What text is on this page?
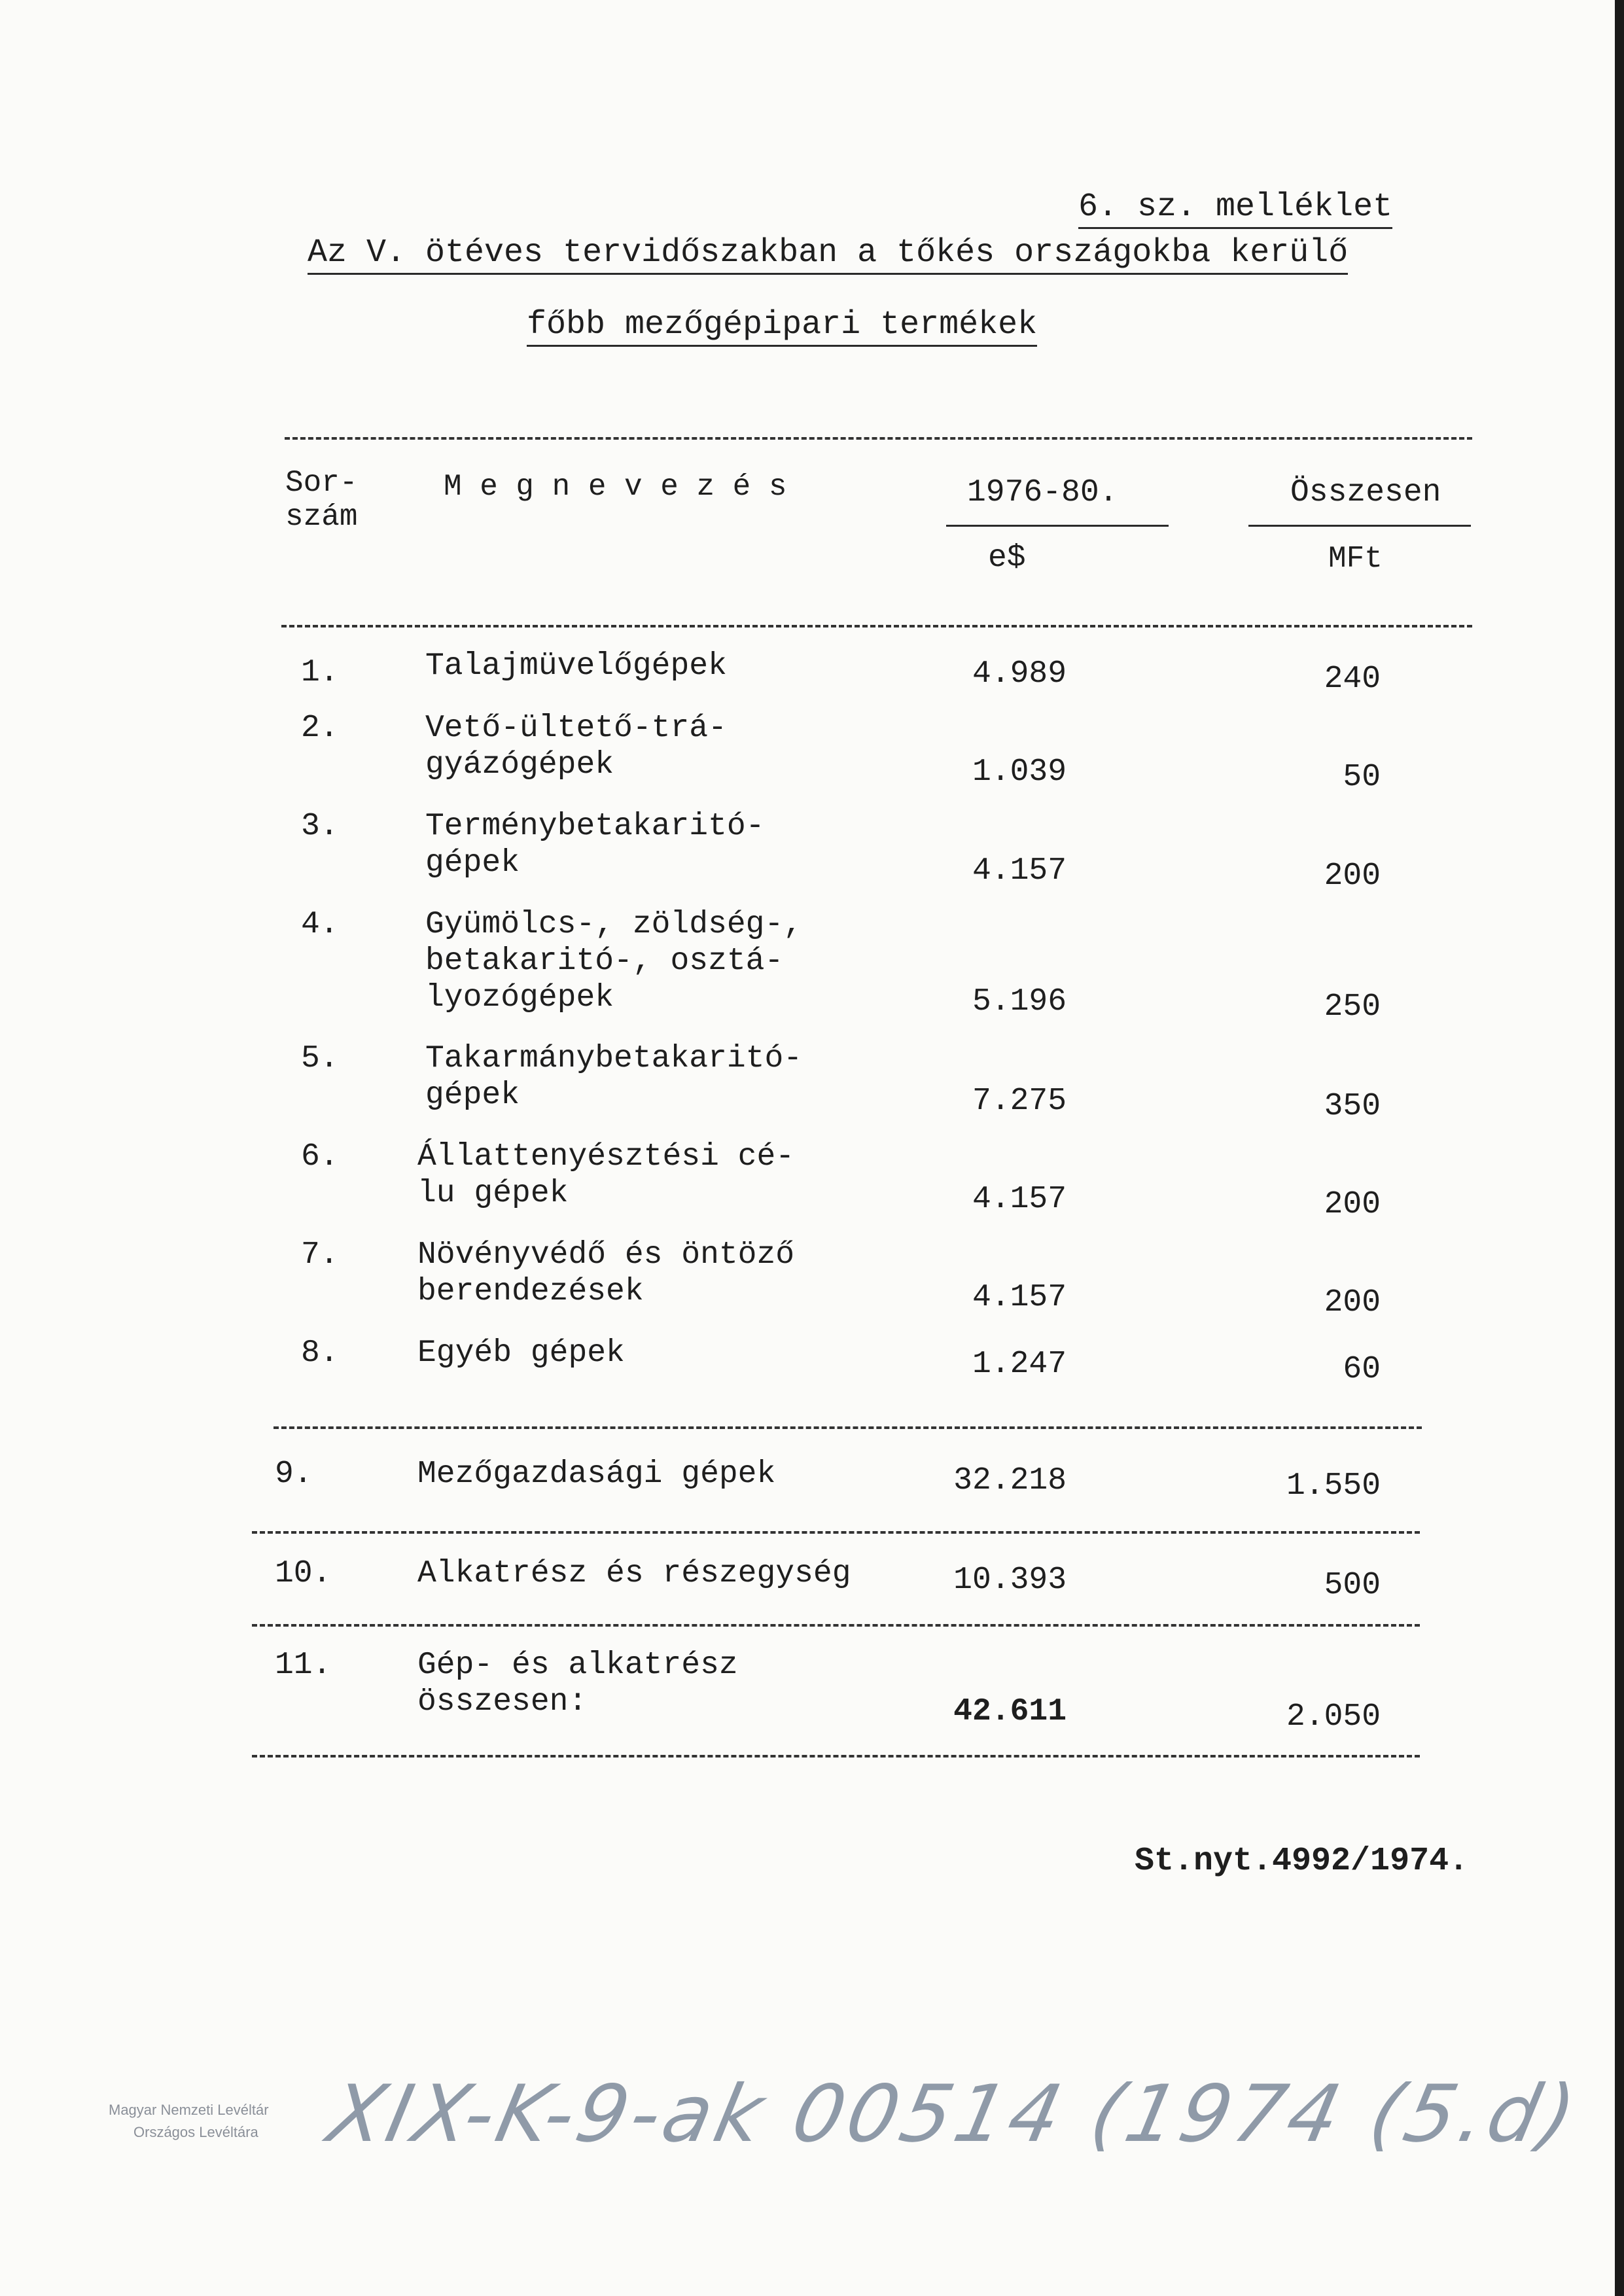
6. sz. melléklet
Az V. ötéves tervidőszakban a tőkés országokba kerülő
főbb mezőgépipari termékek
Sor-
szám
M e g n e v e z é s	1976-80.	Összesen
e$	MFt
1.	Talajmüvelőgépek	4.989	240
2.	Vető-ültető-trá-
gyázógépek	1.039	50
3.	Terménybetakaritó-
gépek	4.157	200
4.	Gyümölcs-, zöldség-,
betakaritó-, osztá-
lyozógépek	5.196	250
5.	Takarmánybetakaritó-
gépek	7.275	350
6.	Állattenyésztési cé-
lu gépek	4.157	200
7.	Növényvédő és öntöző
berendezések	4.157	200
8.	Egyéb gépek	1.247	60
9.	Mezőgazdasági gépek	32.218	1.550
10.	Alkatrész és részegység	10.393	500
11.	Gép- és alkatrész
összesen:	42.611	2.050
St.nyt.4992/1974.
Magyar Nemzeti Levéltár
Országos Levéltára XIX-K-9-ak 00514 (1974 (5.d)
